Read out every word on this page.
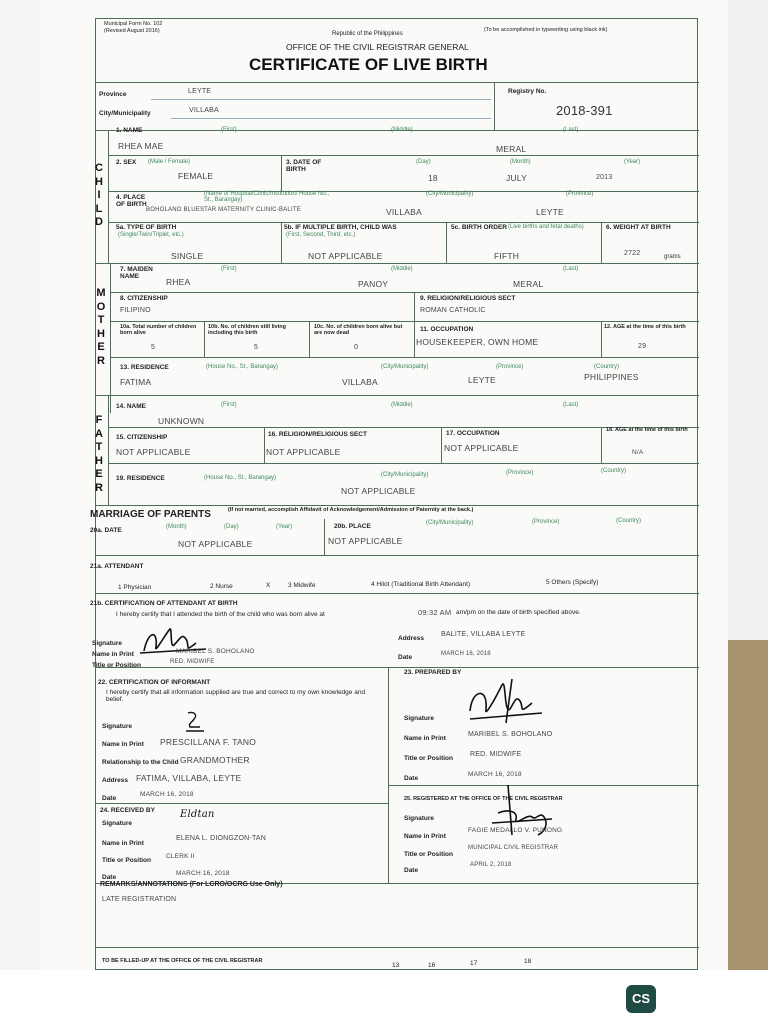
Municipal Form No. 102
(Revised August 2016)	Republic of the Philippines
(To be accomplished in typewriting using black ink)
OFFICE OF THE CIVIL REGISTRAR GENERAL
CERTIFICATE OF LIVE BIRTH
Province	LEYTE
City/Municipality	VILLABA
Registry No.
2018-391
C
H
I
L
D
1. NAME	(First)	(Middle)	(Last)
RHEA MAE	MERAL
2. SEX (Male / Female)
FEMALE
3. DATE OF BIRTH
(Day)	(Month)	(Year)
18	JULY	2013
4. PLACE OF BIRTH
(Name of Hospital/Clinic/Institution/ House No., St., Barangay)
(City/Municipality)	(Province)
BOHOLANO BLUESTAR MATERNITY CLINIC-BALITE	VILLABA	LEYTE
5a. TYPE OF BIRTH
(Single/Twin/Triplet, etc.)
SINGLE
5b. IF MULTIPLE BIRTH, CHILD WAS
(First, Second, Third, etc.)
NOT APPLICABLE
5c. BIRTH ORDER (Live births and fetal deaths)
FIFTH
6. WEIGHT AT BIRTH
2722	grams
M
O
T
H
E
R
7. MAIDEN NAME
(First)	(Middle)	(Last)
RHEA	PANOY	MERAL
8. CITIZENSHIP
FILIPINO
9. RELIGION/RELIGIOUS SECT
ROMAN CATHOLIC
10a. Total number of children born alive
5
10b. No. of children still living including this birth
5
10c. No. of children born alive but are now dead
0
11. OCCUPATION
HOUSEKEEPER, OWN HOME
12. AGE at the time of this birth
29
13. RESIDENCE	(House No., St., Barangay)	(City/Municipality)	(Province)	(Country)
FATIMA	VILLABA	LEYTE	PHILIPPINES
F
A
T
H
E
R
14. NAME	(First)	(Middle)	(Last)
UNKNOWN
15. CITIZENSHIP
NOT APPLICABLE
16. RELIGION/RELIGIOUS SECT
NOT APPLICABLE
17. OCCUPATION
NOT APPLICABLE
18. AGE at the time of this birth
N/A
19. RESIDENCE	(House No., St., Barangay)	(City/Municipality)	(Province)	(Country)
NOT APPLICABLE
MARRIAGE OF PARENTS	(If not married, accomplish Affidavit of Acknowledgement/Admission of Paternity at the back.)
20a. DATE	(Month)	(Day)	(Year)
NOT APPLICABLE
20b. PLACE	(City/Municipality)	(Province)	(Country)
NOT APPLICABLE
21a. ATTENDANT
1 Physician	2 Nurse	X	3 Midwife	4 Hilot (Traditional Birth Attendant)	5 Others (Specify)
21b. CERTIFICATION OF ATTENDANT AT BIRTH
I hereby certify that I attended the birth of the child who was born alive at	09:32 AM am/pm on the date of birth specified above.
Signature
Address
BALITE, VILLABA LEYTE
Name in Print	MARIBEL S. BOHOLANO
Title or Position	RED. MIDWIFE
Date	MARCH 16, 2018
22. CERTIFICATION OF INFORMANT
I hereby certify that all information supplied are true and correct to my own knowledge and belief.
Signature
Name in Print PRESCILLANA F. TANO
Relationship to the Child GRANDMOTHER
Address FATIMA, VILLABA, LEYTE
Date
MARCH 16, 2018
23. PREPARED BY
Signature
Name in Print
MARIBEL S. BOHOLANO
Title or Position
RED. MIDWIFE
Date
MARCH 16, 2018
24. RECEIVED BY
Signature
Eldtan
Name in Print
ELENA L. DIONGZON-TAN
Title or Position
CLERK II
Date
MARCH 16, 2018
25. REGISTERED AT THE OFFICE OF THE CIVIL REGISTRAR
Signature
Name in Print
FAGIE MEDALLO V. PUNONG
Title or Position
MUNICIPAL CIVIL REGISTRAR
Date
APRIL 2, 2018
REMARKS/ANNOTATIONS (For LCRO/OCRG Use Only)
LATE REGISTRATION
TO BE FILLED-UP AT THE OFFICE OF THE CIVIL REGISTRAR
13	16	17	18
CS
